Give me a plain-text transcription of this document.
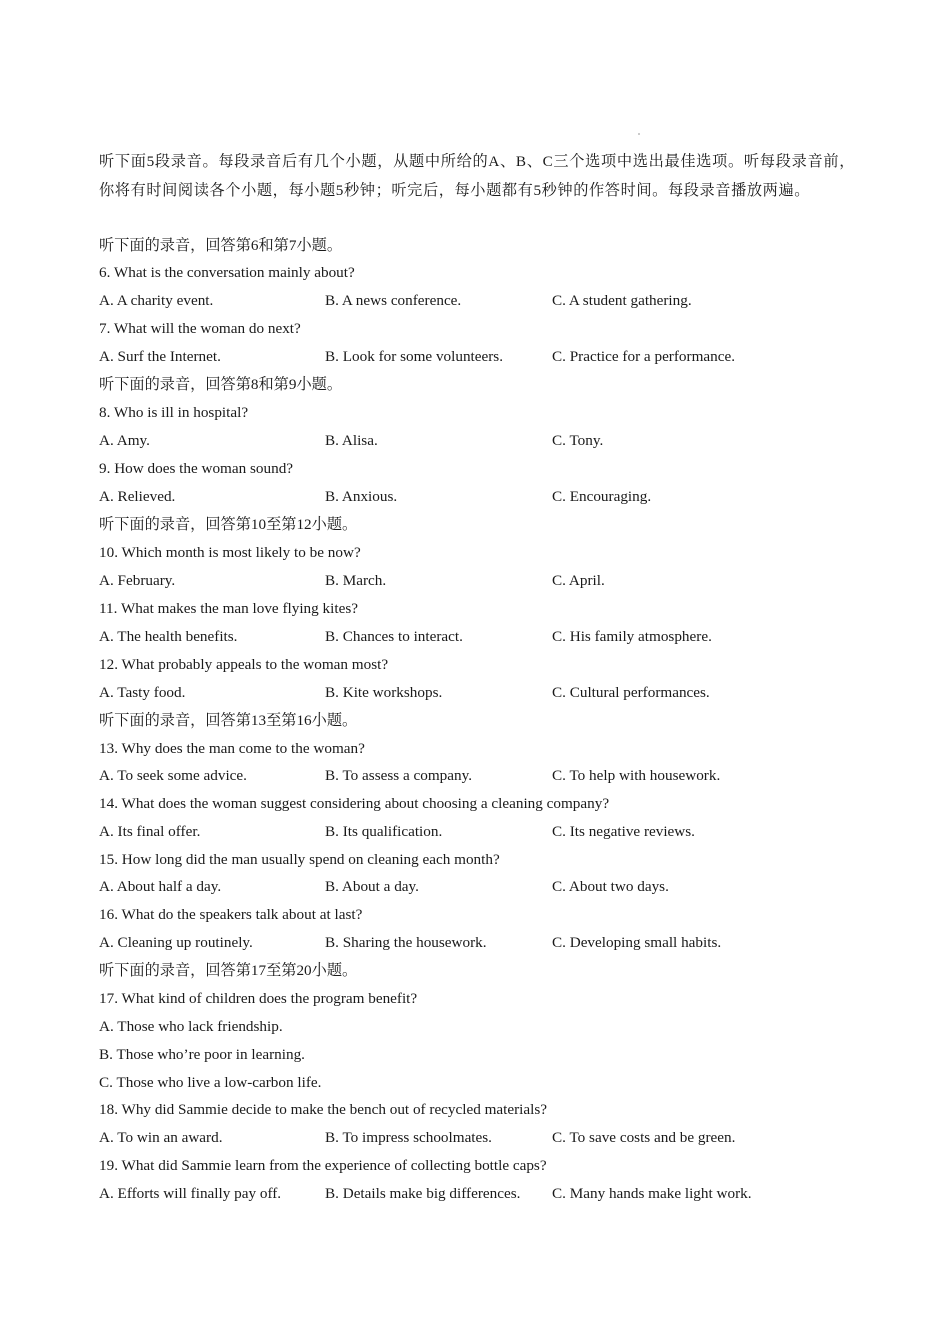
听下面5段录音。每段录音后有几个小题，从题中所给的A、B、C三个选项中选出最佳选项。听每段录音前，你将有时间阅读各个小题，每小题5秒钟；听完后，每小题都有5秒钟的作答时间。每段录音播放两遍。
听下面的录音，回答第6和第7小题。
6. What is the conversation mainly about?
A. A charity event.	B. A news conference.	C. A student gathering.
7. What will the woman do next?
A. Surf the Internet.	B. Look for some volunteers.	C. Practice for a performance.
听下面的录音，回答第8和第9小题。
8. Who is ill in hospital?
A. Amy.	B. Alisa.	C. Tony.
9. How does the woman sound?
A. Relieved.	B. Anxious.	C. Encouraging.
听下面的录音，回答第10至第12小题。
10. Which month is most likely to be now?
A. February.	B. March.	C. April.
11. What makes the man love flying kites?
A. The health benefits.	B. Chances to interact.	C. His family atmosphere.
12. What probably appeals to the woman most?
A. Tasty food.	B. Kite workshops.	C. Cultural performances.
听下面的录音，回答第13至第16小题。
13. Why does the man come to the woman?
A. To seek some advice.	B. To assess a company.	C. To help with housework.
14. What does the woman suggest considering about choosing a cleaning company?
A. Its final offer.	B. Its qualification.	C. Its negative reviews.
15. How long did the man usually spend on cleaning each month?
A. About half a day.	B. About a day.	C. About two days.
16. What do the speakers talk about at last?
A. Cleaning up routinely.	B. Sharing the housework.	C. Developing small habits.
听下面的录音，回答第17至第20小题。
17. What kind of children does the program benefit?
A. Those who lack friendship.
B. Those who’re poor in learning.
C. Those who live a low-carbon life.
18. Why did Sammie decide to make the bench out of recycled materials?
A. To win an award.	B. To impress schoolmates.	C. To save costs and be green.
19. What did Sammie learn from the experience of collecting bottle caps?
A. Efforts will finally pay off.	B. Details make big differences. C. Many hands make light work.
